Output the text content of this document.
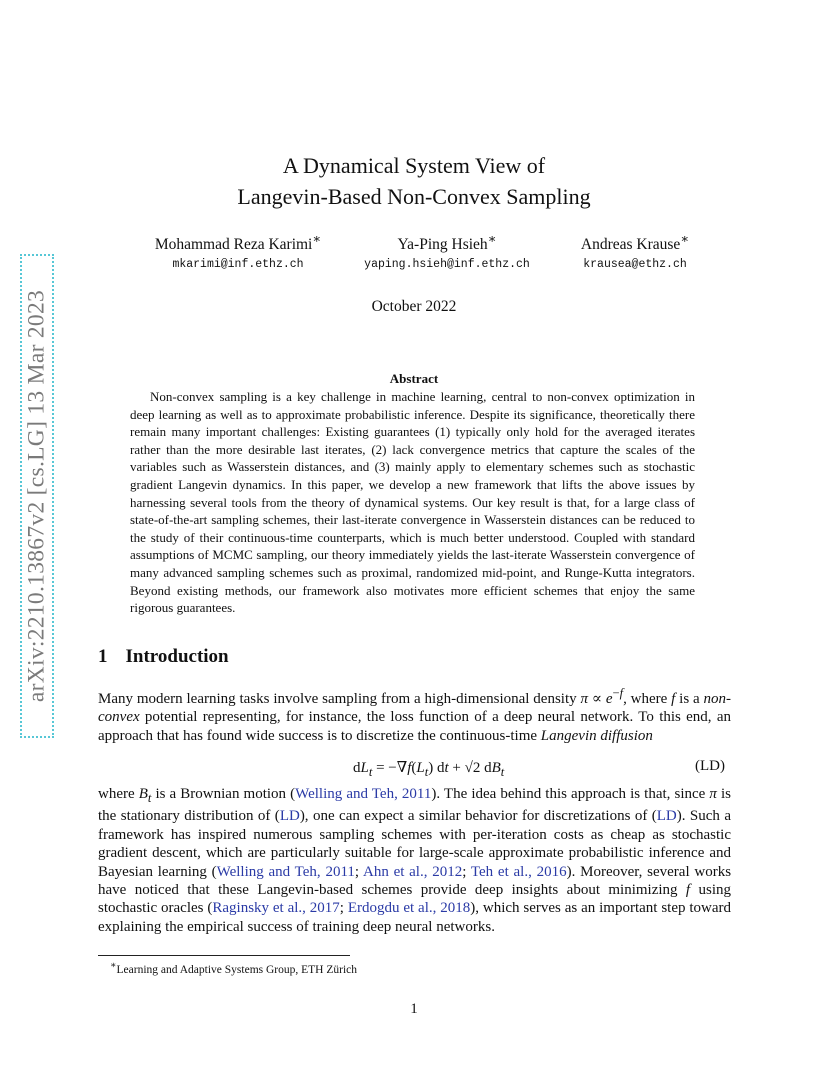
arXiv:2210.13867v2 [cs.LG] 13 Mar 2023
A Dynamical System View of
Langevin-Based Non-Convex Sampling
Mohammad Reza Karimi∗
mkarimi@inf.ethz.ch
Ya-Ping Hsieh∗
yaping.hsieh@inf.ethz.ch
Andreas Krause∗
krausea@ethz.ch
October 2022
Abstract
Non-convex sampling is a key challenge in machine learning, central to non-convex optimization in deep learning as well as to approximate probabilistic inference. Despite its significance, theoretically there remain many important challenges: Existing guarantees (1) typically only hold for the averaged iterates rather than the more desirable last iterates, (2) lack convergence metrics that capture the scales of the variables such as Wasserstein distances, and (3) mainly apply to elementary schemes such as stochastic gradient Langevin dynamics. In this paper, we develop a new framework that lifts the above issues by harnessing several tools from the theory of dynamical systems. Our key result is that, for a large class of state-of-the-art sampling schemes, their last-iterate convergence in Wasserstein distances can be reduced to the study of their continuous-time counterparts, which is much better understood. Coupled with standard assumptions of MCMC sampling, our theory immediately yields the last-iterate Wasserstein convergence of many advanced sampling schemes such as proximal, randomized mid-point, and Runge-Kutta integrators. Beyond existing methods, our framework also motivates more efficient schemes that enjoy the same rigorous guarantees.
1 Introduction
Many modern learning tasks involve sampling from a high-dimensional density $\pi \propto e^{-f}$, where f is a non-convex potential representing, for instance, the loss function of a deep neural network. To this end, an approach that has found wide success is to discretize the continuous-time Langevin diffusion
$dL_t = -\nabla f(L_t)$ dt + √2 $dB_t$	(LD)
where $B_t$ is a Brownian motion (Welling and Teh, 2011). The idea behind this approach is that, since π is the stationary distribution of (LD), one can expect a similar behavior for discretizations of (LD). Such a framework has inspired numerous sampling schemes with per-iteration costs as cheap as stochastic gradient descent, which are particularly suitable for large-scale approximate probabilistic inference and Bayesian learning (Welling and Teh, 2011; Ahn et al., 2012; Teh et al., 2016). Moreover, several works have noticed that these Langevin-based schemes provide deep insights about minimizing f using stochastic oracles (Raginsky et al., 2017; Erdogdu et al., 2018), which serves as an important step toward explaining the empirical success of training deep neural networks.
∗Learning and Adaptive Systems Group, ETH Zürich
1
